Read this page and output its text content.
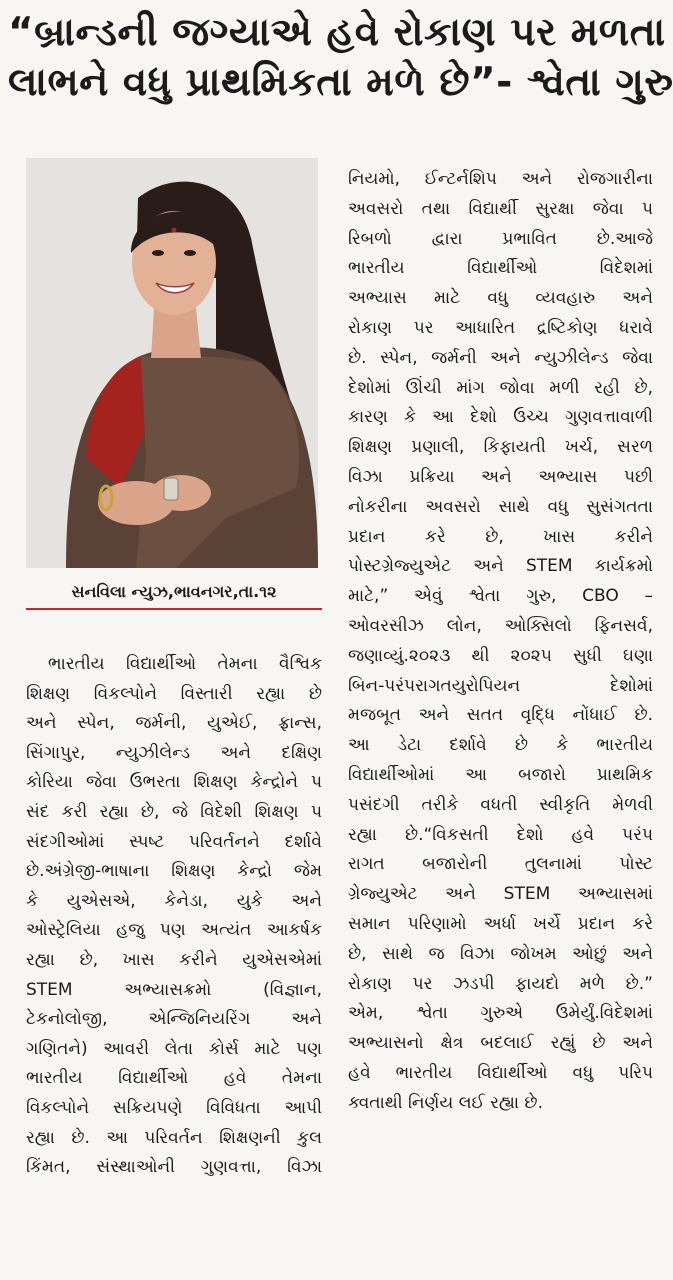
“બ્રાન્ડની જગ્યાએ હવે રોકાણ પર મળતા
લાભને વધુ પ્રાથમિકતા મળે છે”- શ્વેતા ગુરુ
સનવિલા ન્યુઝ,ભાવનગર,તા.૧૨
ભારતીય વિદ્યાર્થીઓ તેમના વૈશ્વિક
શિક્ષણ વિકલ્પોને વિસ્તારી રહ્યા છે
અને સ્પેન, જર્મની, યુએઈ, ફ્રાન્સ,
સિંગાપુર, ન્યુઝીલેન્ડ અને દક્ષિણ
કોરિયા જેવા ઉભરતા શિક્ષણ કેન્દ્રોને પ
સંદ કરી રહ્યા છે, જે વિદેશી શિક્ષણ પ
સંદગીઓમાં સ્પષ્ટ પરિવર્તનને દર્શાવે
છે.અંગ્રેજી-ભાષાના શિક્ષણ કેન્દ્રો જેમ
કે યુએસએ, કેનેડા, યુકે અને
ઓસ્ટ્રેલિયા હજુ પણ અત્યંત આકર્ષક
રહ્યા છે, ખાસ કરીને યુએસએમાં
STEM અભ્યાસક્રમો (વિજ્ઞાન,
ટેકનોલોજી, એન્જિનિયરિંગ અને
ગણિતને) આવરી લેતા કોર્સ માટે પણ
ભારતીય વિદ્યાર્થીઓ હવે તેમના
વિકલ્પોને સક્રિયપણે વિવિધતા આપી
રહ્યા છે. આ પરિવર્તન શિક્ષણની કુલ
કિંમત, સંસ્થાઓની ગુણવત્તા, વિઝા
નિયમો, ઈન્ટર્નશિપ અને રોજગારીના
અવસરો તથા વિદ્યાર્થી સુરક્ષા જેવા પ
રિબળો દ્વારા પ્રભાવિત છે.આજે
ભારતીય વિદ્યાર્થીઓ વિદેશમાં
અભ્યાસ માટે વધુ વ્યવહારુ અને
રોકાણ પર આધારિત દ્રષ્ટિકોણ ધરાવે
છે. સ્પેન, જર્મની અને ન્યુઝીલેન્ડ જેવા
દેશોમાં ઊંચી માંગ જોવા મળી રહી છે,
કારણ કે આ દેશો ઉચ્ચ ગુણવત્તાવાળી
શિક્ષણ પ્રણાલી, કિફાયતી ખર્ચ, સરળ
વિઝા પ્રક્રિયા અને અભ્યાસ પછી
નોકરીના અવસરો સાથે વધુ સુસંગતતા
પ્રદાન કરે છે, ખાસ કરીને
પોસ્ટગ્રેજ્યુએટ અને STEM કાર્યક્રમો
માટે,” એવું શ્વેતા ગુરુ, CBO –
ઓવરસીઝ લોન, ઓક્સિલો ફિનસર્વ,
જણાવ્યું.૨૦૨૩ થી ૨૦૨૫ સુધી ઘણા
બિન-પરંપરાગતયુરોપિયન દેશોમાં
મજબૂત અને સતત વૃદ્ધિ નોંધાઈ છે.
આ ડેટા દર્શાવે છે કે ભારતીય
વિદ્યાર્થીઓમાં આ બજારો પ્રાથમિક
પસંદગી તરીકે વધતી સ્વીકૃતિ મેળવી
રહ્યા છે.“વિકસતી દેશો હવે પરંપ
રાગત બજારોની તુલનામાં પોસ્ટ
ગ્રેજ્યુએટ અને STEM અભ્યાસમાં
સમાન પરિણામો અર્ધા ખર્ચે પ્રદાન કરે
છે, સાથે જ વિઝા જોખમ ઓછું અને
રોકાણ પર ઝડપી ફાયદો મળે છે.”
એમ, શ્વેતા ગુરુએ ઉમેર્યું.વિદેશમાં
અભ્યાસનો ક્ષેત્ર બદલાઈ રહ્યું છે અને
હવે ભારતીય વિદ્યાર્થીઓ વધુ પરિપ
ક્વતાથી નિર્ણય લઈ રહ્યા છે.
